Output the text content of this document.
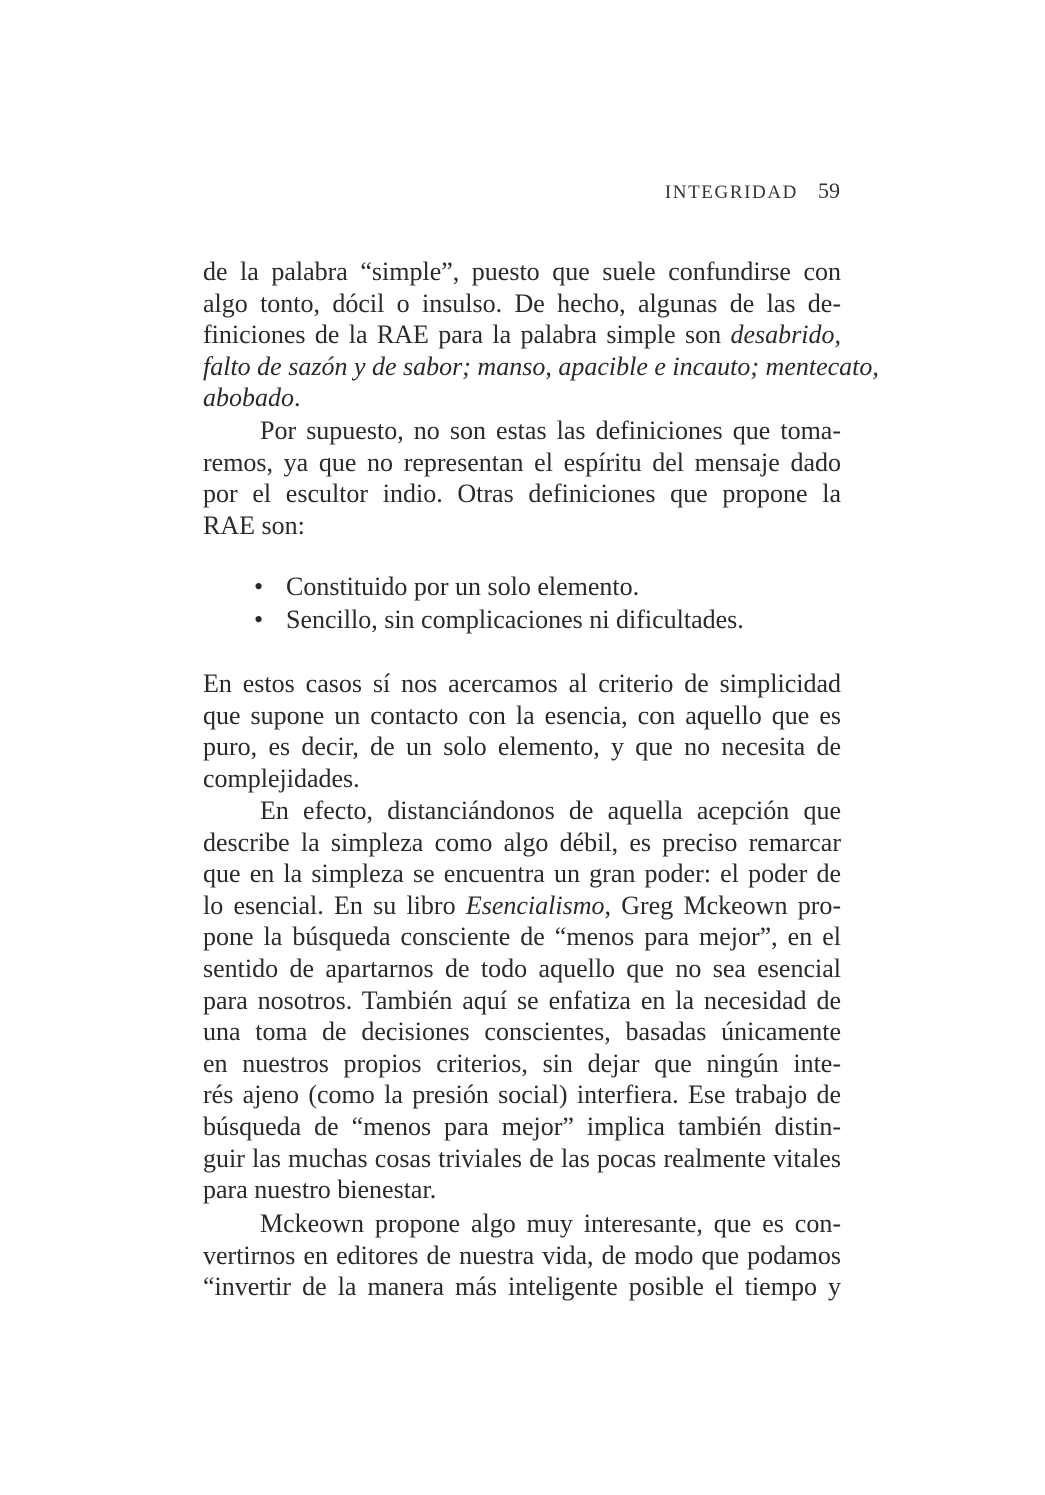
INTEGRIDAD 59
de la palabra “simple”, puesto que suele confundirse con
algo tonto, dócil o insulso. De hecho, algunas de las de-
finiciones de la RAE para la palabra simple son desabrido,
falto de sazón y de sabor; manso, apacible e incauto; mentecato,
abobado.
Por supuesto, no son estas las definiciones que toma-
remos, ya que no representan el espíritu del mensaje dado
por el escultor indio. Otras definiciones que propone la
RAE son:
• Constituido por un solo elemento.
• Sencillo, sin complicaciones ni dificultades.
En estos casos sí nos acercamos al criterio de simplicidad
que supone un contacto con la esencia, con aquello que es
puro, es decir, de un solo elemento, y que no necesita de
complejidades.
En efecto, distanciándonos de aquella acepción que
describe la simpleza como algo débil, es preciso remarcar
que en la simpleza se encuentra un gran poder: el poder de
lo esencial. En su libro Esencialismo, Greg Mckeown pro-
pone la búsqueda consciente de “menos para mejor”, en el
sentido de apartarnos de todo aquello que no sea esencial
para nosotros. También aquí se enfatiza en la necesidad de
una toma de decisiones conscientes, basadas únicamente
en nuestros propios criterios, sin dejar que ningún inte-
rés ajeno (como la presión social) interfiera. Ese trabajo de
búsqueda de “menos para mejor” implica también distin-
guir las muchas cosas triviales de las pocas realmente vitales
para nuestro bienestar.
Mckeown propone algo muy interesante, que es con-
vertirnos en editores de nuestra vida, de modo que podamos
“invertir de la manera más inteligente posible el tiempo y
